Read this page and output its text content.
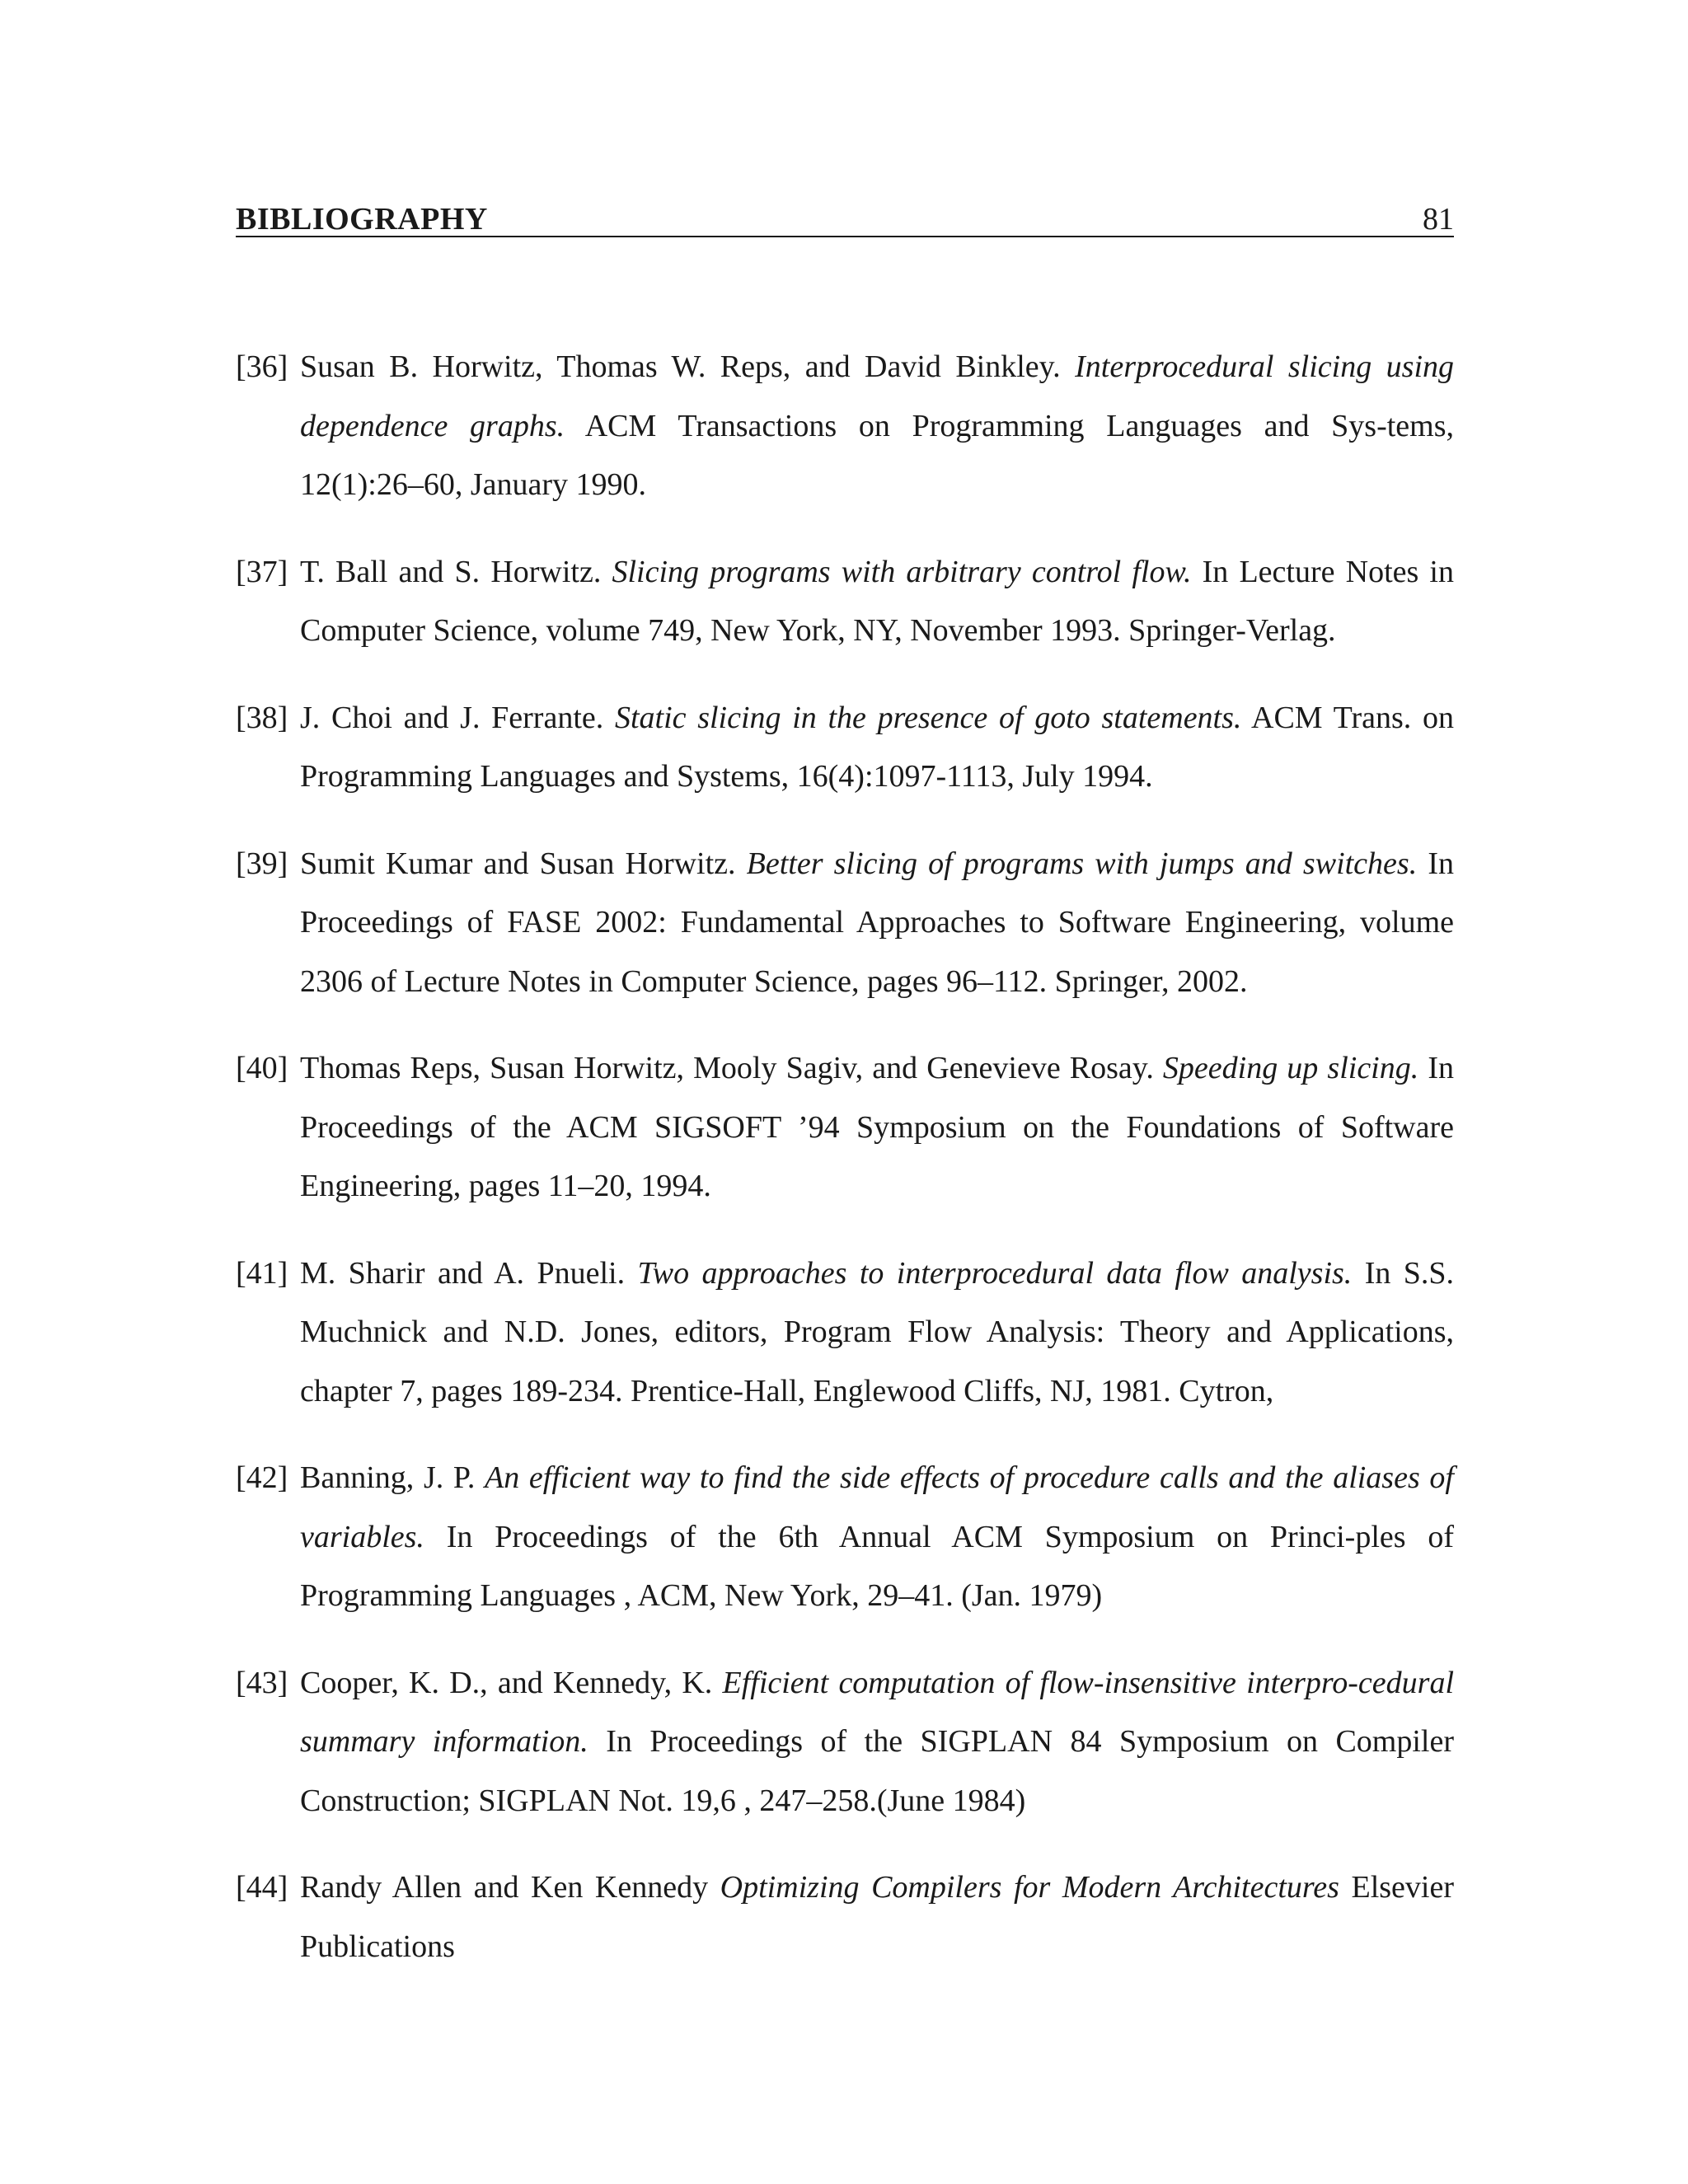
BIBLIOGRAPHY	81
[36] Susan B. Horwitz, Thomas W. Reps, and David Binkley. Interprocedural slicing using dependence graphs. ACM Transactions on Programming Languages and Sys-tems, 12(1):26–60, January 1990.
[37] T. Ball and S. Horwitz. Slicing programs with arbitrary control flow. In Lecture Notes in Computer Science, volume 749, New York, NY, November 1993. Springer-Verlag.
[38] J. Choi and J. Ferrante. Static slicing in the presence of goto statements. ACM Trans. on Programming Languages and Systems, 16(4):1097-1113, July 1994.
[39] Sumit Kumar and Susan Horwitz. Better slicing of programs with jumps and switches. In Proceedings of FASE 2002: Fundamental Approaches to Software Engineering, volume 2306 of Lecture Notes in Computer Science, pages 96–112. Springer, 2002.
[40] Thomas Reps, Susan Horwitz, Mooly Sagiv, and Genevieve Rosay. Speeding up slicing. In Proceedings of the ACM SIGSOFT ’94 Symposium on the Foundations of Software Engineering, pages 11–20, 1994.
[41] M. Sharir and A. Pnueli. Two approaches to interprocedural data flow analysis. In S.S. Muchnick and N.D. Jones, editors, Program Flow Analysis: Theory and Applications, chapter 7, pages 189-234. Prentice-Hall, Englewood Cliffs, NJ, 1981. Cytron,
[42] Banning, J. P. An efficient way to find the side effects of procedure calls and the aliases of variables. In Proceedings of the 6th Annual ACM Symposium on Princi-ples of Programming Languages , ACM, New York, 29–41. (Jan. 1979)
[43] Cooper, K. D., and Kennedy, K. Efficient computation of flow-insensitive interpro-cedural summary information. In Proceedings of the SIGPLAN 84 Symposium on Compiler Construction; SIGPLAN Not. 19,6 , 247–258.(June 1984)
[44] Randy Allen and Ken Kennedy Optimizing Compilers for Modern Architectures Elsevier Publications
